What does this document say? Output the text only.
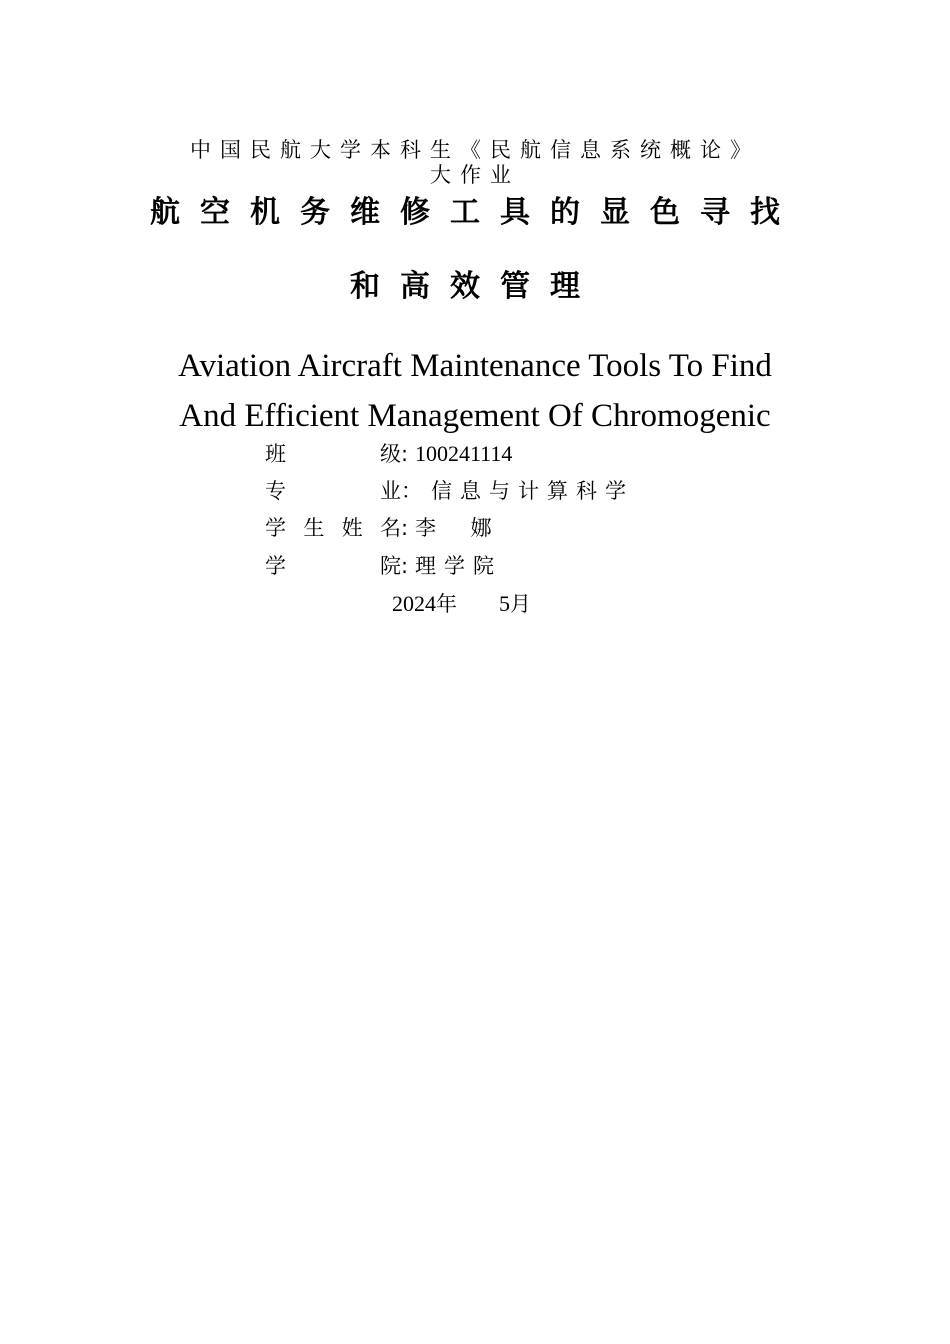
中国民航大学本科生《民航信息系统概论》
大作业
航空机务维修工具的显色寻找
和高效管理
Aviation Aircraft Maintenance Tools To Find
And Efficient Management Of Chromogenic
班级: 100241114
专业： 信息与计算科学
学生姓名: 李 娜
学院: 理学院
2024年 5月
